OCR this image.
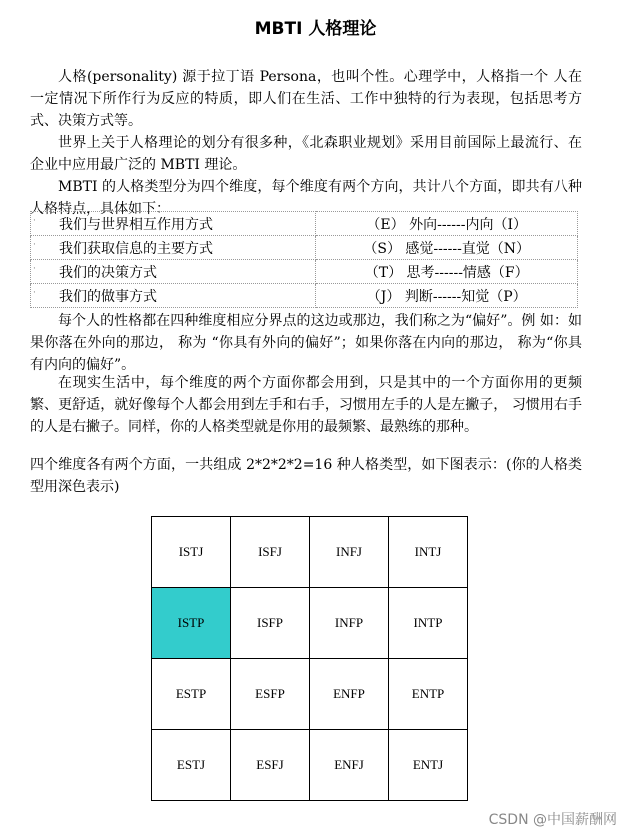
MBTI 人格理论

人格(personality) 源于拉丁语 Persona，也叫个性。心理学中，人格指一个 人在一定情况下所作行为反应的特质，即人们在生活、工作中独特的行为表现，包括思考方式、决策方式等。

世界上关于人格理论的划分有很多种，《北森职业规划》采用目前国际上最流行、在企业中应用最广泛的 MBTI 理论。

MBTI 的人格类型分为四个维度，每个维度有两个方向，共计八个方面，即共有八种人格特点，具体如下：

· 我们与世界相互作用方式	（E） 外向------内向（I）

· 我们获取信息的主要方式	（S） 感觉------直觉（N）

· 我们的决策方式	（T） 思考------情感（F）

· 我们的做事方式	（J） 判断------知觉（P）

每个人的性格都在四种维度相应分界点的这边或那边，我们称之为“偏好”。例 如：如果你落在外向的那边， 称为 “你具有外向的偏好”；如果你落在内向的那边， 称为“你具有内向的偏好”。

在现实生活中，每个维度的两个方面你都会用到，只是其中的一个方面你用的更频繁、更舒适，就好像每个人都会用到左手和右手，习惯用左手的人是左撇子， 习惯用右手的人是右撇子。同样，你的人格类型就是你用的最频繁、最熟练的那种。

四个维度各有两个方面，一共组成 2*2*2*2=16 种人格类型，如下图表示：(你的人格类型用深色表示)

ISTJ	ISFJ	INFJ	INTJ
ISTP	ISFP	INFP	INTP
ESTP	ESFP	ENFP	ENTP
ESTJ	ESFJ	ENFJ	ENTJ
CSDN @中国薪酬网
